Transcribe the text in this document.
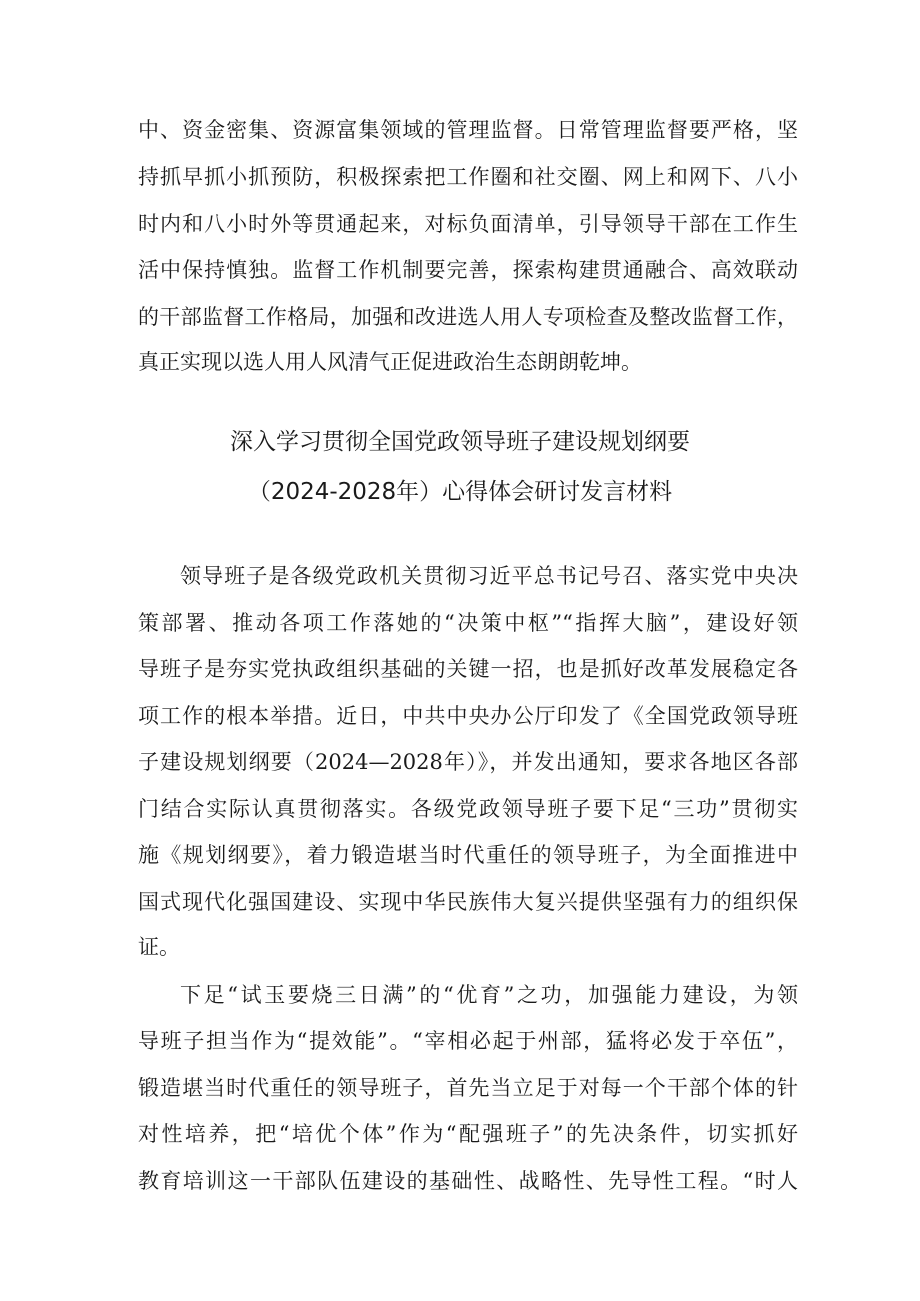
中、资金密集、资源富集领域的管理监督。日常管理监督要严格，坚
持抓早抓小抓预防，积极探索把工作圈和社交圈、网上和网下、八小
时内和八小时外等贯通起来，对标负面清单，引导领导干部在工作生
活中保持慎独。监督工作机制要完善，探索构建贯通融合、高效联动
的干部监督工作格局，加强和改进选人用人专项检查及整改监督工作，
真正实现以选人用人风清气正促进政治生态朗朗乾坤。
深入学习贯彻全国党政领导班子建设规划纲要
（2024-2028年）心得体会研讨发言材料
领导班子是各级党政机关贯彻习近平总书记号召、落实党中央决
策部署、推动各项工作落她的“决策中枢”“指挥大脑”，建设好领
导班子是夯实党执政组织基础的关键一招，也是抓好改革发展稳定各
项工作的根本举措。近日，中共中央办公厅印发了《全国党政领导班
子建设规划纲要（2024—2028年）》，并发出通知，要求各地区各部
门结合实际认真贯彻落实。各级党政领导班子要下足“三功”贯彻实
施《规划纲要》，着力锻造堪当时代重任的领导班子，为全面推进中
国式现代化强国建设、实现中华民族伟大复兴提供坚强有力的组织保
证。
下足“试玉要烧三日满”的“优育”之功，加强能力建设，为领
导班子担当作为“提效能”。“宰相必起于州部，猛将必发于卒伍”，
锻造堪当时代重任的领导班子，首先当立足于对每一个干部个体的针
对性培养，把“培优个体”作为“配强班子”的先决条件，切实抓好
教育培训这一干部队伍建设的基础性、战略性、先导性工程。“时人
